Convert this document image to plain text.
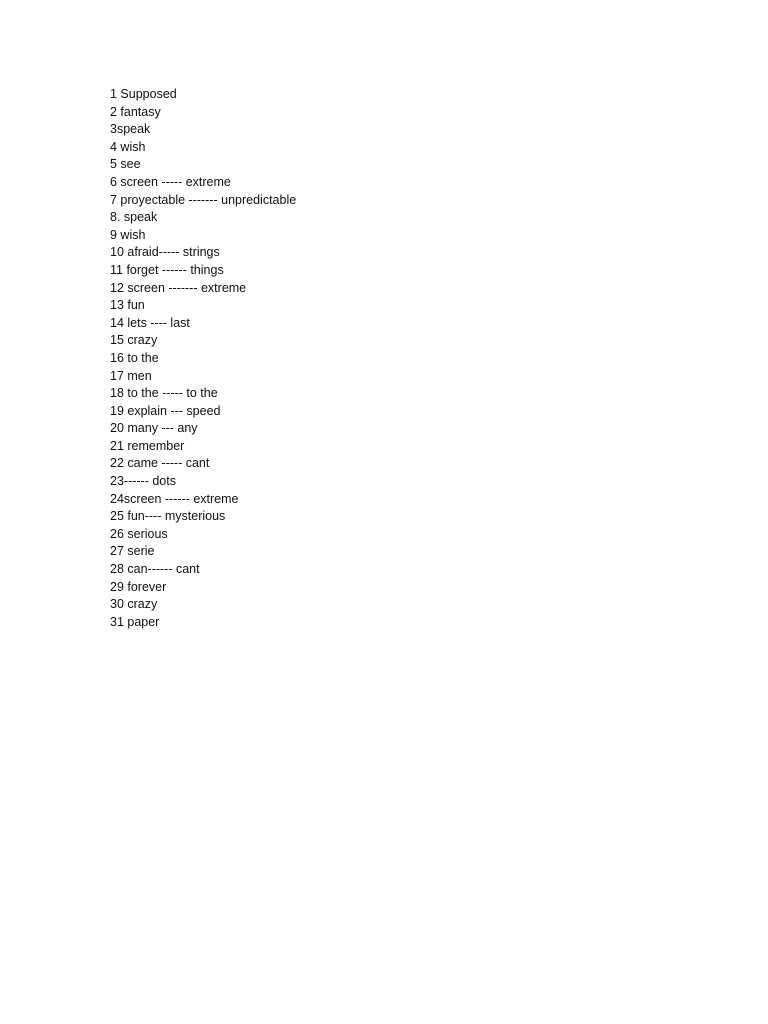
1 Supposed
2 fantasy
3speak
4 wish
5 see
6 screen ----- extreme
7 proyectable ------- unpredictable
8. speak
9 wish
10 afraid----- strings
11 forget ------ things
12 screen ------- extreme
13 fun
14 lets ---- last
15 crazy
16 to the
17 men
18 to the ----- to the
19 explain --- speed
20 many --- any
21 remember
22 came ----- cant
23------ dots
24screen ------ extreme
25 fun---- mysterious
26 serious
27 serie
28 can------ cant
29 forever
30 crazy
31 paper
